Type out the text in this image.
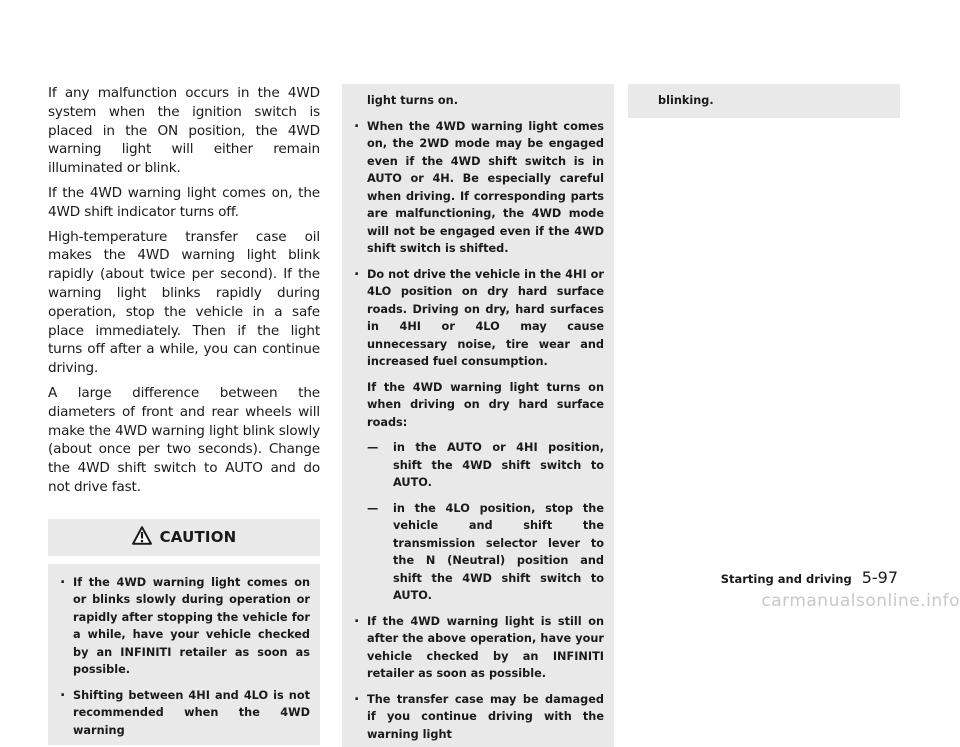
If any malfunction occurs in the 4WD system when the ignition switch is placed in the ON position, the 4WD warning light will either remain illuminated or blink.

If the 4WD warning light comes on, the 4WD shift indicator turns off.

High-temperature transfer case oil makes the 4WD warning light blink rapidly (about twice per second). If the warning light blinks rapidly during operation, stop the vehicle in a safe place immediately. Then if the light turns off after a while, you can continue driving.

A large difference between the diameters of front and rear wheels will make the 4WD warning light blink slowly (about once per two seconds). Change the 4WD shift switch to AUTO and do not drive fast.

CAUTION
. If the 4WD warning light comes on or blinks slowly during operation or rapidly after stopping the vehicle for a while, have your vehicle checked by an INFINITI retailer as soon as possible.
. Shifting between 4HI and 4LO is not recommended when the 4WD warning
light turns on.
. When the 4WD warning light comes on, the 2WD mode may be engaged even if the 4WD shift switch is in AUTO or 4H. Be especially careful when driving. If corresponding parts are malfunctioning, the 4WD mode will not be engaged even if the 4WD shift switch is shifted.
. Do not drive the vehicle in the 4HI or 4LO position on dry hard surface roads. Driving on dry, hard surfaces in 4HI or 4LO may cause unnecessary noise, tire wear and increased fuel consumption.
If the 4WD warning light turns on when driving on dry hard surface roads:
— in the AUTO or 4HI position, shift the 4WD shift switch to AUTO.
— in the 4LO position, stop the vehicle and shift the transmission selector lever to the N (Neutral) position and shift the 4WD shift switch to AUTO.
. If the 4WD warning light is still on after the above operation, have your vehicle checked by an INFINITI retailer as soon as possible.
. The transfer case may be damaged if you continue driving with the warning light
blinking.
Starting and driving 5-97
carmanualsonline.info
